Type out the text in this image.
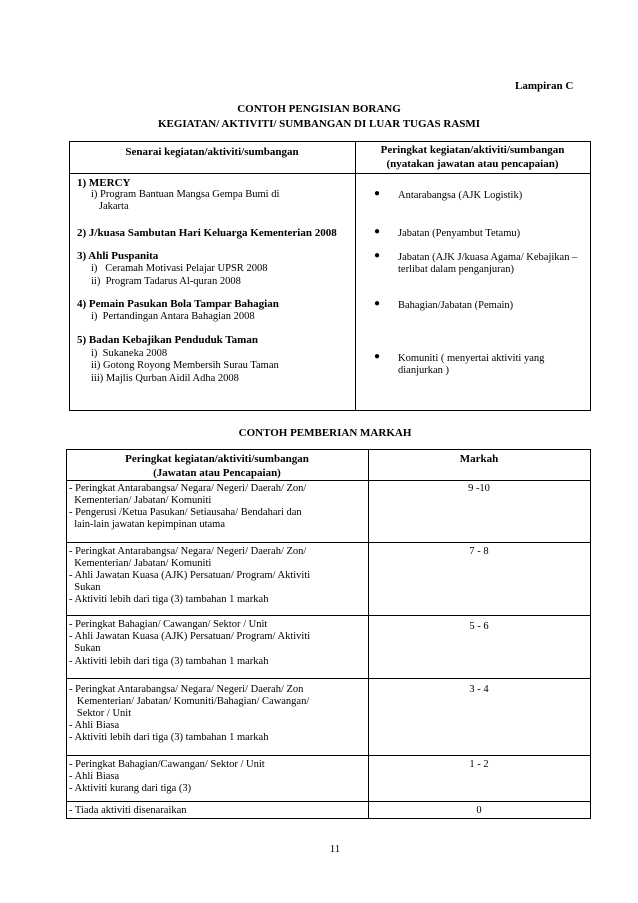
Lampiran C
CONTOH PENGISIAN BORANG
KEGIATAN/ AKTIVITI/ SUMBANGAN DI LUAR TUGAS RASMI
Senarai kegiatan/aktiviti/sumbangan	Peringkat kegiatan/aktiviti/sumbangan
(nyatakan jawatan atau pencapaian)
1) MERCY
i) Program Bantuan Mangsa Gempa Bumi di
Jakarta
● Antarabangsa (AJK Logistik)
2) J/kuasa Sambutan Hari Keluarga Kementerian 2008	● Jabatan (Penyambut Tetamu)
3) Ahli Puspanita
i)   Ceramah Motivasi Pelajar UPSR 2008
ii)  Program Tadarus Al-quran 2008
● Jabatan (AJK J/kuasa Agama/ Kebajikan –
terlibat dalam penganjuran)
4) Pemain Pasukan Bola Tampar Bahagian
i)  Pertandingan Antara Bahagian 2008
● Bahagian/Jabatan (Pemain)
5) Badan Kebajikan Penduduk Taman
i)  Sukaneka 2008
ii) Gotong Royong Membersih Surau Taman
iii) Majlis Qurban Aidil Adha 2008
● Komuniti ( menyertai aktiviti yang
dianjurkan )
CONTOH PEMBERIAN MARKAH
Peringkat kegiatan/aktiviti/sumbangan
(Jawatan atau Pencapaian)
Markah
- Peringkat Antarabangsa/ Negara/ Negeri/ Daerah/ Zon/
Kementerian/ Jabatan/ Komuniti
- Pengerusi /Ketua Pasukan/ Setiausaha/ Bendahari dan
lain-lain jawatan kepimpinan utama
9 -10
- Peringkat Antarabangsa/ Negara/ Negeri/ Daerah/ Zon/
Kementerian/ Jabatan/ Komuniti
- Ahli Jawatan Kuasa (AJK) Persatuan/ Program/ Aktiviti
Sukan
- Aktiviti lebih dari tiga (3) tambahan 1 markah
7 - 8
- Peringkat Bahagian/ Cawangan/ Sektor / Unit
- Ahli Jawatan Kuasa (AJK) Persatuan/ Program/ Aktiviti
Sukan
- Aktiviti lebih dari tiga (3) tambahan 1 markah
5 - 6
- Peringkat Antarabangsa/ Negara/ Negeri/ Daerah/ Zon
Kementerian/ Jabatan/ Komuniti/Bahagian/ Cawangan/
Sektor / Unit
- Ahli Biasa
- Aktiviti lebih dari tiga (3) tambahan 1 markah
3 - 4
- Peringkat Bahagian/Cawangan/ Sektor / Unit
- Ahli Biasa
- Aktiviti kurang dari tiga (3)
1 - 2
- Tiada aktiviti disenaraikan	0
11
